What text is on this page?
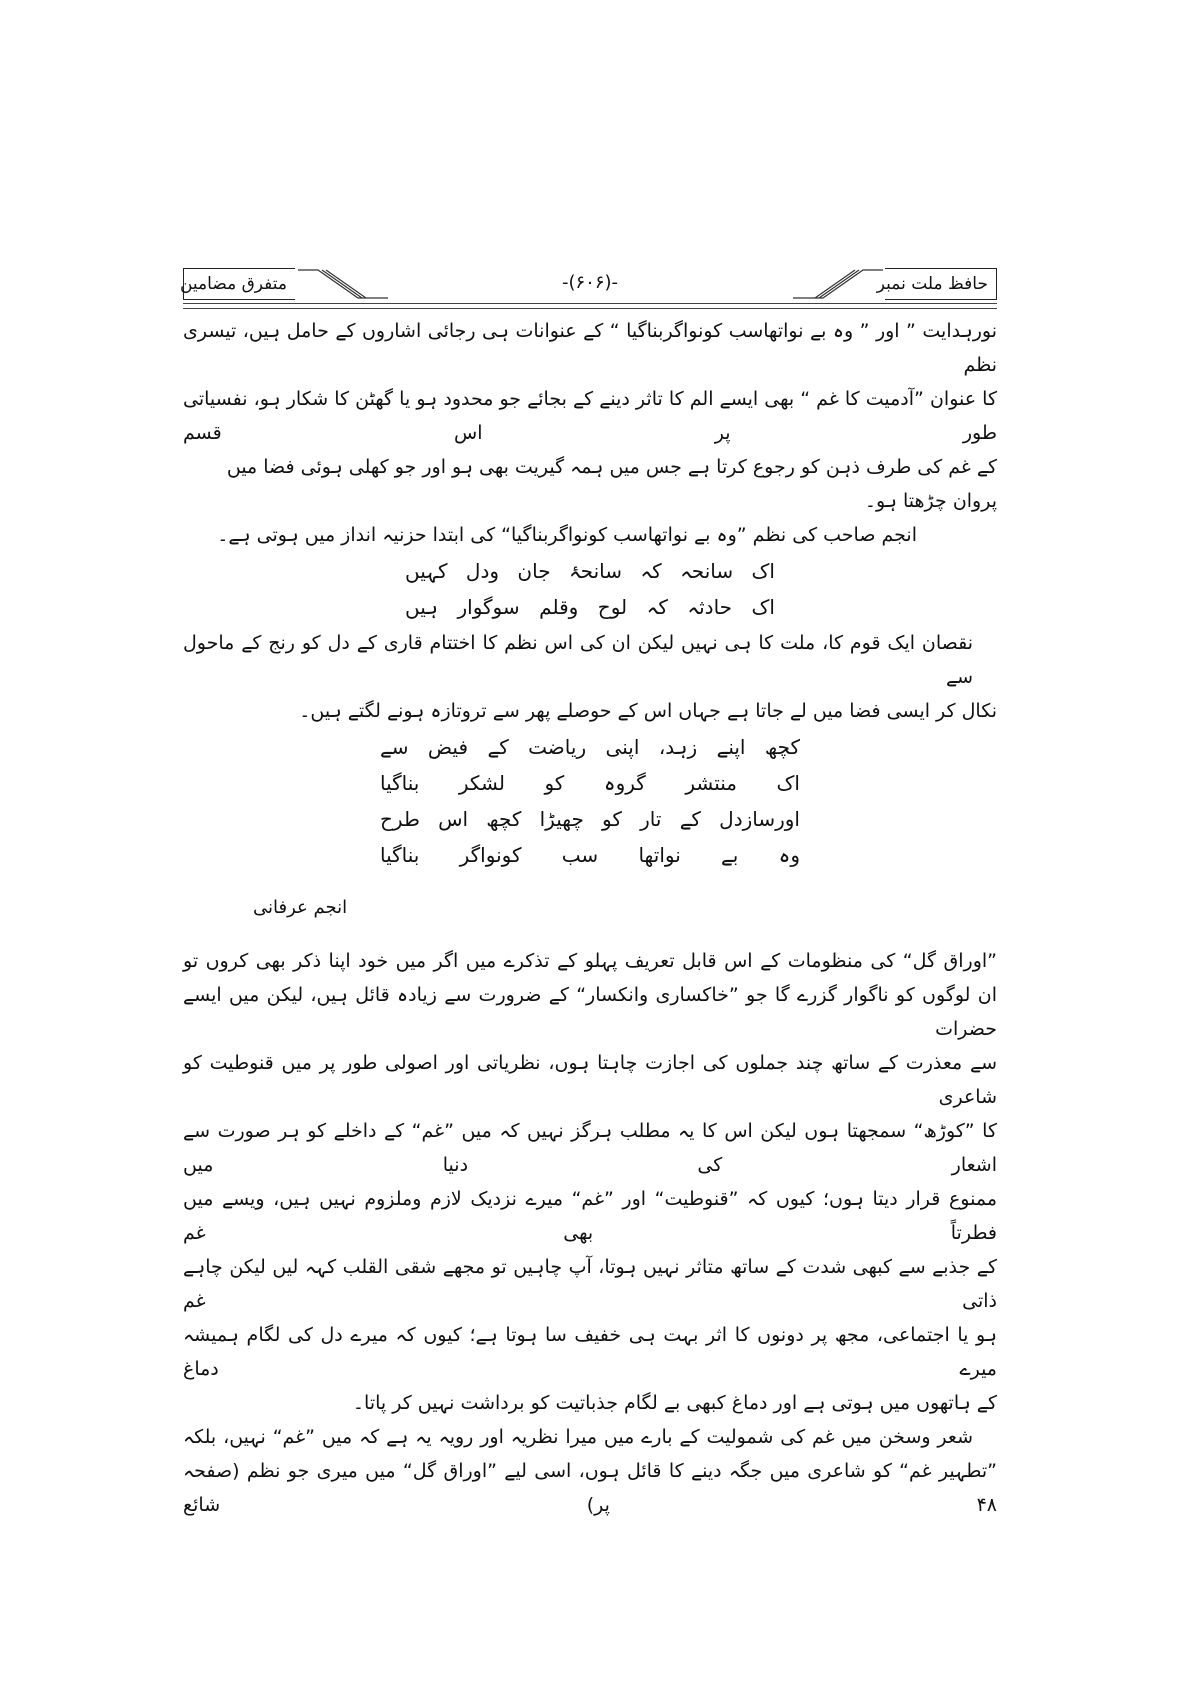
متفرق مضامین	-(۶۰۶)-	حافظ ملت نمبر

نورہدایت ” اور ” وہ بے نواتھاسب کونواگربناگیا “ کے عنوانات ہی رجائی اشاروں کے حامل ہیں، تیسری نظم

کا عنوان ”آدمیت کا غم “ بھی ایسے الم کا تاثر دینے کے بجائے جو محدود ہو یا گھٹن کا شکار ہو، نفسیاتی طور پر اس قسم

کے غم کی طرف ذہن کو رجوع کرتا ہے جس میں ہمہ گیریت بھی ہو اور جو کھلی ہوئی فضا میں پروان چڑھتا ہو۔

انجم صاحب کی نظم ”وہ بے نواتھاسب کونواگربناگیا“ کی ابتدا حزنیہ انداز میں ہوتی ہے۔

اک سانحہ کہ سانحۂ جان ودل کہیں

اک حادثہ کہ لوح وقلم سوگوار ہیں

نقصان ایک قوم کا، ملت کا ہی نہیں لیکن ان کی اس نظم کا اختتام قاری کے دل کو رنج کے ماحول سے

نکال کر ایسی فضا میں لے جاتا ہے جہاں اس کے حوصلے پھر سے تروتازہ ہونے لگتے ہیں۔

کچھ اپنے زہد، اپنی ریاضت کے فیض سے

اک منتشر گروہ کو لشکر بناگیا

اورسازدل کے تار کو چھیڑا کچھ اس طرح

وہ بے نواتھا سب کونواگر بناگیا

انجم عرفانی

”اوراق گل“ کی منظومات کے اس قابل تعریف پہلو کے تذکرے میں اگر میں خود اپنا ذکر بھی کروں تو

ان لوگوں کو ناگوار گزرے گا جو ”خاکساری وانکسار“ کے ضرورت سے زیادہ قائل ہیں، لیکن میں ایسے حضرات

سے معذرت کے ساتھ چند جملوں کی اجازت چاہتا ہوں، نظریاتی اور اصولی طور پر میں قنوطیت کو شاعری

کا ”کوڑھ“ سمجھتا ہوں لیکن اس کا یہ مطلب ہرگز نہیں کہ میں ”غم“ کے داخلے کو ہر صورت سے اشعار کی دنیا میں

ممنوع قرار دیتا ہوں؛ کیوں کہ ”قنوطیت“ اور ”غم“ میرے نزدیک لازم وملزوم نہیں ہیں، ویسے میں فطرتاً بھی غم

کے جذبے سے کبھی شدت کے ساتھ متاثر نہیں ہوتا، آپ چاہیں تو مجھے شقی القلب کہہ لیں لیکن چاہے ذاتی غم

ہو یا اجتماعی، مجھ پر دونوں کا اثر بہت ہی خفیف سا ہوتا ہے؛ کیوں کہ میرے دل کی لگام ہمیشہ میرے دماغ

کے ہاتھوں میں ہوتی ہے اور دماغ کبھی بے لگام جذباتیت کو برداشت نہیں کر پاتا۔

شعر وسخن میں غم کی شمولیت کے بارے میں میرا نظریہ اور رویہ یہ ہے کہ میں ”غم“ نہیں، بلکہ

”تطہیر غم“ کو شاعری میں جگہ دینے کا قائل ہوں، اسی لیے ”اوراق گل“ میں میری جو نظم (صفحہ ۴۸ پر) شائع
